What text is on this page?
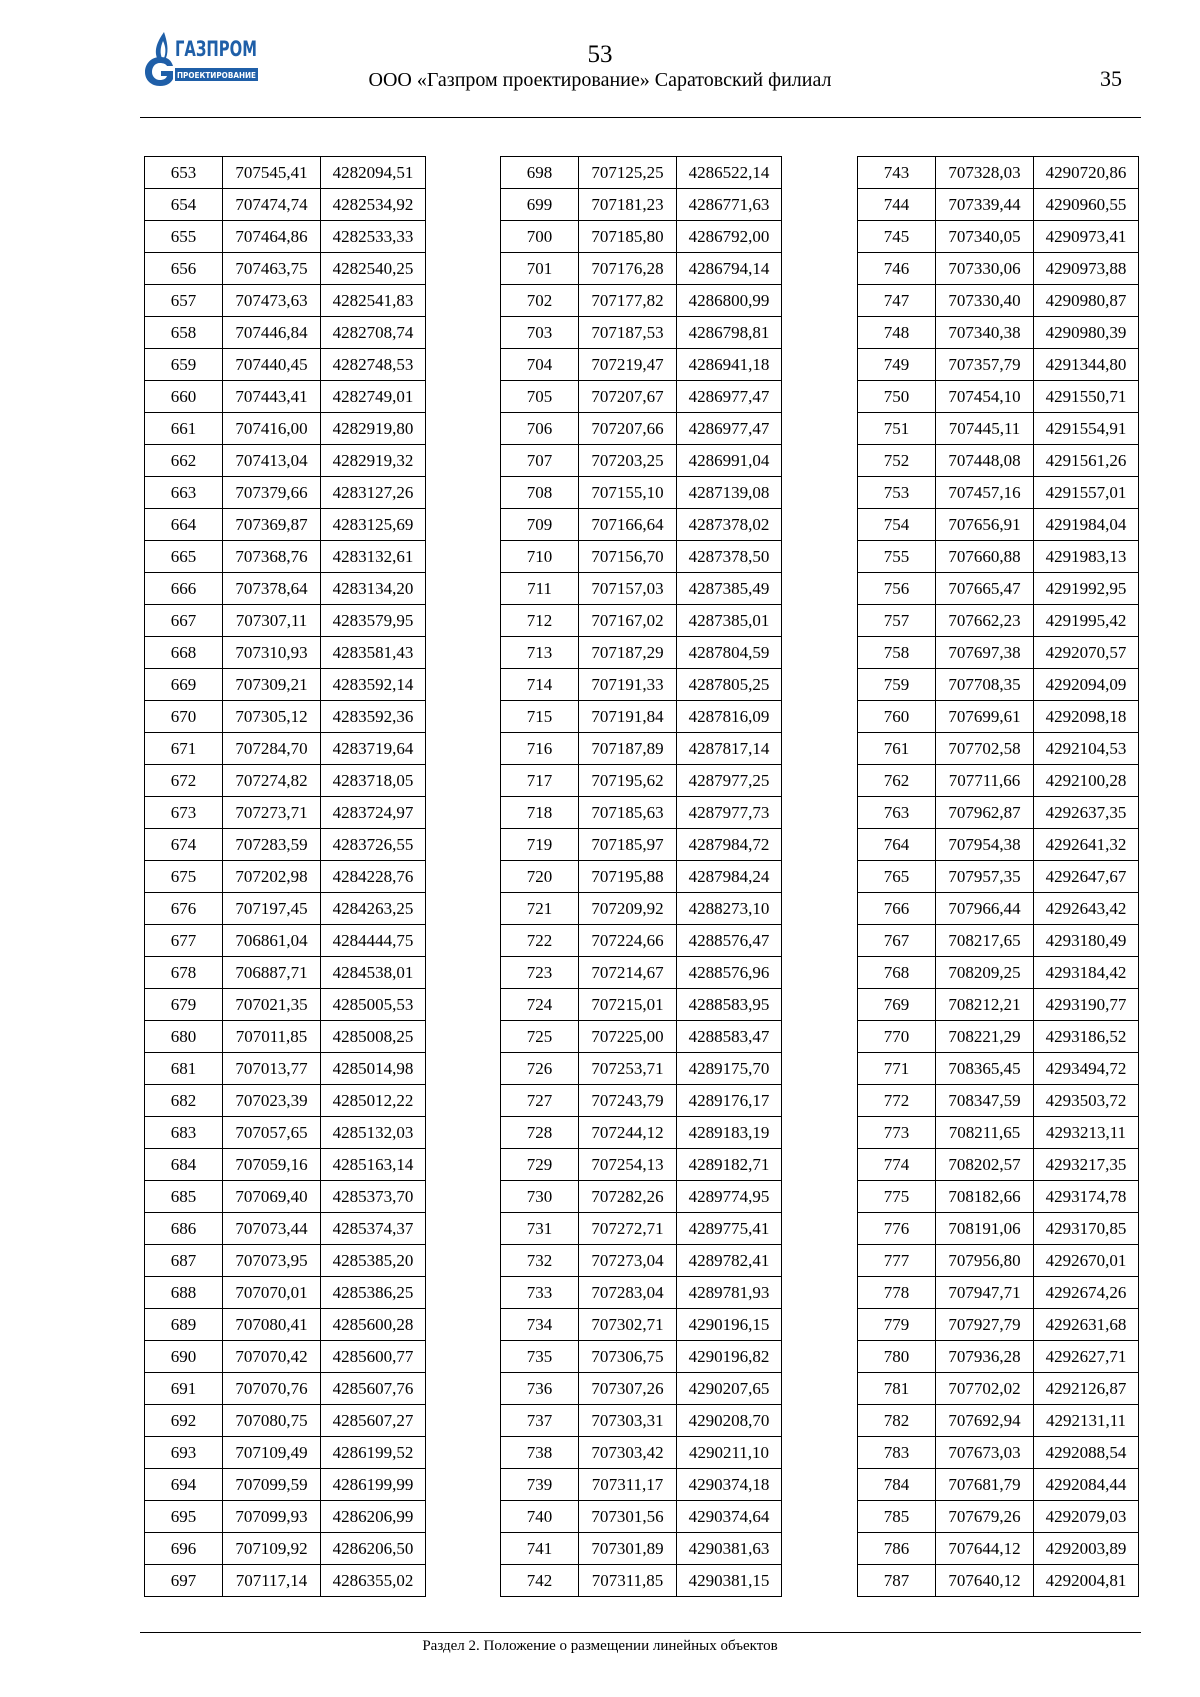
ГАЗПРОМ
ПРОЕКТИРОВАНИЕ
53
ООО «Газпром проектирование» Саратовский филиал	35
653	707545,41	4282094,51
654	707474,74	4282534,92
655	707464,86	4282533,33
656	707463,75	4282540,25
657	707473,63	4282541,83
658	707446,84	4282708,74
659	707440,45	4282748,53
660	707443,41	4282749,01
661	707416,00	4282919,80
662	707413,04	4282919,32
663	707379,66	4283127,26
664	707369,87	4283125,69
665	707368,76	4283132,61
666	707378,64	4283134,20
667	707307,11	4283579,95
668	707310,93	4283581,43
669	707309,21	4283592,14
670	707305,12	4283592,36
671	707284,70	4283719,64
672	707274,82	4283718,05
673	707273,71	4283724,97
674	707283,59	4283726,55
675	707202,98	4284228,76
676	707197,45	4284263,25
677	706861,04	4284444,75
678	706887,71	4284538,01
679	707021,35	4285005,53
680	707011,85	4285008,25
681	707013,77	4285014,98
682	707023,39	4285012,22
683	707057,65	4285132,03
684	707059,16	4285163,14
685	707069,40	4285373,70
686	707073,44	4285374,37
687	707073,95	4285385,20
688	707070,01	4285386,25
689	707080,41	4285600,28
690	707070,42	4285600,77
691	707070,76	4285607,76
692	707080,75	4285607,27
693	707109,49	4286199,52
694	707099,59	4286199,99
695	707099,93	4286206,99
696	707109,92	4286206,50
697	707117,14	4286355,02
698	707125,25	4286522,14
699	707181,23	4286771,63
700	707185,80	4286792,00
701	707176,28	4286794,14
702	707177,82	4286800,99
703	707187,53	4286798,81
704	707219,47	4286941,18
705	707207,67	4286977,47
706	707207,66	4286977,47
707	707203,25	4286991,04
708	707155,10	4287139,08
709	707166,64	4287378,02
710	707156,70	4287378,50
711	707157,03	4287385,49
712	707167,02	4287385,01
713	707187,29	4287804,59
714	707191,33	4287805,25
715	707191,84	4287816,09
716	707187,89	4287817,14
717	707195,62	4287977,25
718	707185,63	4287977,73
719	707185,97	4287984,72
720	707195,88	4287984,24
721	707209,92	4288273,10
722	707224,66	4288576,47
723	707214,67	4288576,96
724	707215,01	4288583,95
725	707225,00	4288583,47
726	707253,71	4289175,70
727	707243,79	4289176,17
728	707244,12	4289183,19
729	707254,13	4289182,71
730	707282,26	4289774,95
731	707272,71	4289775,41
732	707273,04	4289782,41
733	707283,04	4289781,93
734	707302,71	4290196,15
735	707306,75	4290196,82
736	707307,26	4290207,65
737	707303,31	4290208,70
738	707303,42	4290211,10
739	707311,17	4290374,18
740	707301,56	4290374,64
741	707301,89	4290381,63
742	707311,85	4290381,15
743	707328,03	4290720,86
744	707339,44	4290960,55
745	707340,05	4290973,41
746	707330,06	4290973,88
747	707330,40	4290980,87
748	707340,38	4290980,39
749	707357,79	4291344,80
750	707454,10	4291550,71
751	707445,11	4291554,91
752	707448,08	4291561,26
753	707457,16	4291557,01
754	707656,91	4291984,04
755	707660,88	4291983,13
756	707665,47	4291992,95
757	707662,23	4291995,42
758	707697,38	4292070,57
759	707708,35	4292094,09
760	707699,61	4292098,18
761	707702,58	4292104,53
762	707711,66	4292100,28
763	707962,87	4292637,35
764	707954,38	4292641,32
765	707957,35	4292647,67
766	707966,44	4292643,42
767	708217,65	4293180,49
768	708209,25	4293184,42
769	708212,21	4293190,77
770	708221,29	4293186,52
771	708365,45	4293494,72
772	708347,59	4293503,72
773	708211,65	4293213,11
774	708202,57	4293217,35
775	708182,66	4293174,78
776	708191,06	4293170,85
777	707956,80	4292670,01
778	707947,71	4292674,26
779	707927,79	4292631,68
780	707936,28	4292627,71
781	707702,02	4292126,87
782	707692,94	4292131,11
783	707673,03	4292088,54
784	707681,79	4292084,44
785	707679,26	4292079,03
786	707644,12	4292003,89
787	707640,12	4292004,81
Раздел 2. Положение о размещении линейных объектов
